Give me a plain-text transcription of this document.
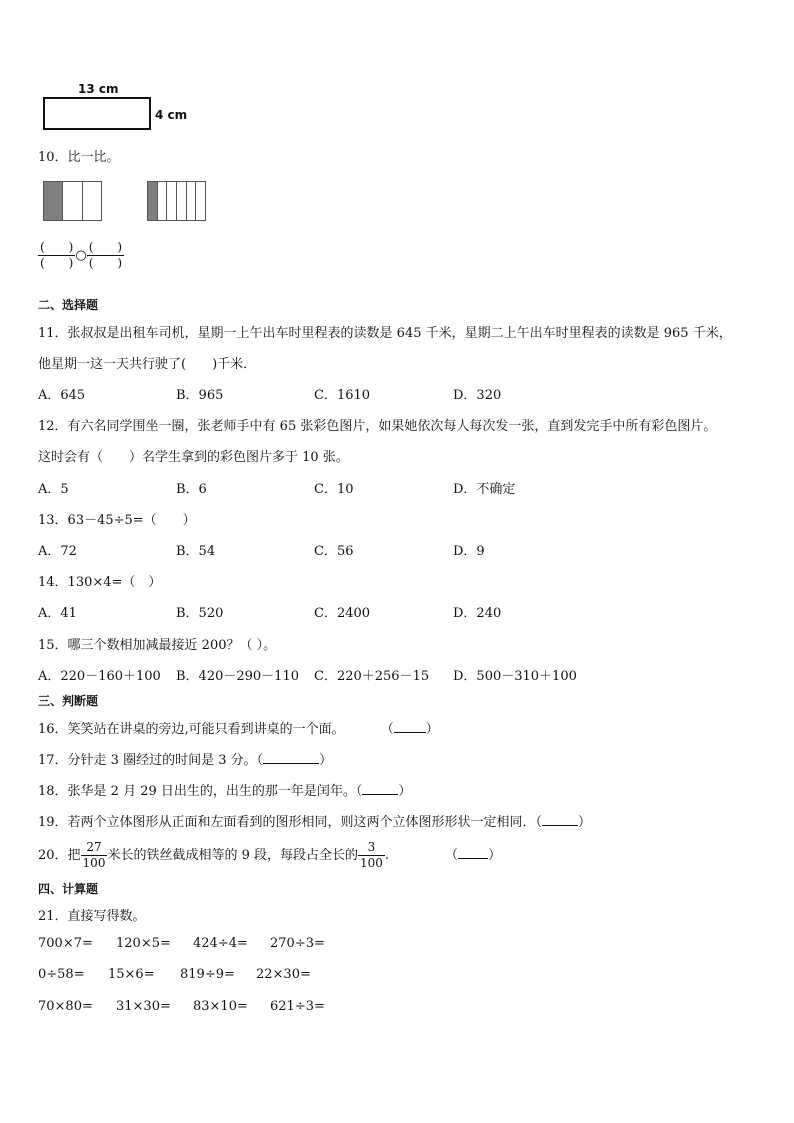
13 cm
4 cm
10．比一比。
$\frac{( )}{( )}$ ○ $\frac{( )}{( )}$
二、选择题
11．张叔叔是出租车司机，星期一上午出车时里程表的读数是 645 千米，星期二上午出车时里程表的读数是 965 千米，
他星期一这一天共行驶了(　　)千米．
A．645	B．965	C．1610	D．320
12．有六名同学围坐一圈，张老师手中有 65 张彩色图片，如果她依次每人每次发一张，直到发完手中所有彩色图片。
这时会有（　　）名学生拿到的彩色图片多于 10 张。
A．5	B．6	C．10	D．不确定
13．63－45÷5=（　　）
A．72	B．54	C．56	D．9
14．130×4=（　）
A．41	B．520	C．2400	D．240
15．哪三个数相加减最接近 200？（ ）。
A．220－160＋100 B．420－290－110 C．220＋256－15 D．500－310＋100
三、判断题
16．笑笑站在讲桌的旁边,可能只看到讲桌的一个面。	（ ）
17．分针走 3 圈经过的时间是 3 分。（	）
18．张华是 2 月 29 日出生的，出生的那一年是闰年。（	）
19．若两个立体图形从正面和左面看到的图形相同，则这两个立体图形形状一定相同．（	）
20．把 $\frac{27}{100}$ 米长的铁丝截成相等的 9 段，每段占全长的 $\frac{3}{100}$ .	（ ）
四、计算题
21．直接写得数。
700×7= 120×5= 424÷4= 270÷3=
0÷58= 15×6= 819÷9= 22×30=
70×80= 31×30= 83×10= 621÷3=
